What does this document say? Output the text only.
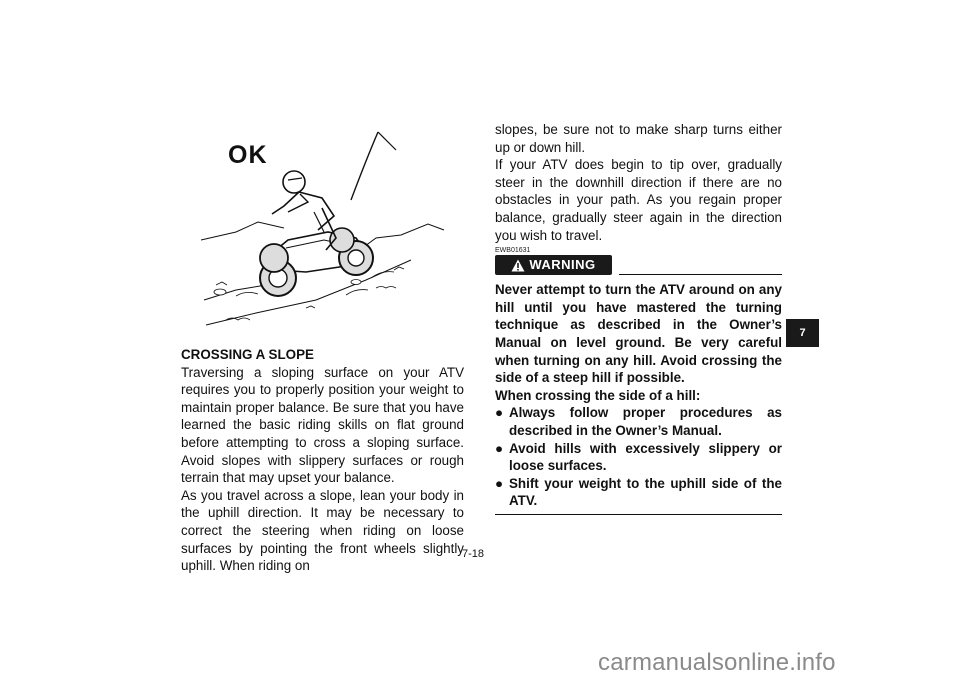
OK

CROSSING A SLOPE

Traversing a sloping surface on your ATV requires you to properly position your weight to maintain proper balance. Be sure that you have learned the basic riding skills on flat ground before attempting to cross a sloping surface. Avoid slopes with slippery surfaces or rough terrain that may upset your balance.

As you travel across a slope, lean your body in the uphill direction. It may be necessary to correct the steering when riding on loose surfaces by pointing the front wheels slightly uphill. When riding on

slopes, be sure not to make sharp turns either up or down hill.

If your ATV does begin to tip over, gradually steer in the downhill direction if there are no obstacles in your path. As you regain proper balance, gradually steer again in the direction you wish to travel.

EWB01631
WARNING

Never attempt to turn the ATV around on any hill until you have mastered the turning technique as described in the Owner’s Manual on level ground. Be very careful when turning on any hill. Avoid crossing the side of a steep hill if possible.

When crossing the side of a hill:

● Always follow proper procedures as described in the Owner’s Manual.
● Avoid hills with excessively slippery or loose surfaces.
● Shift your weight to the uphill side of the ATV.
7
7-18
carmanualsonline.info
